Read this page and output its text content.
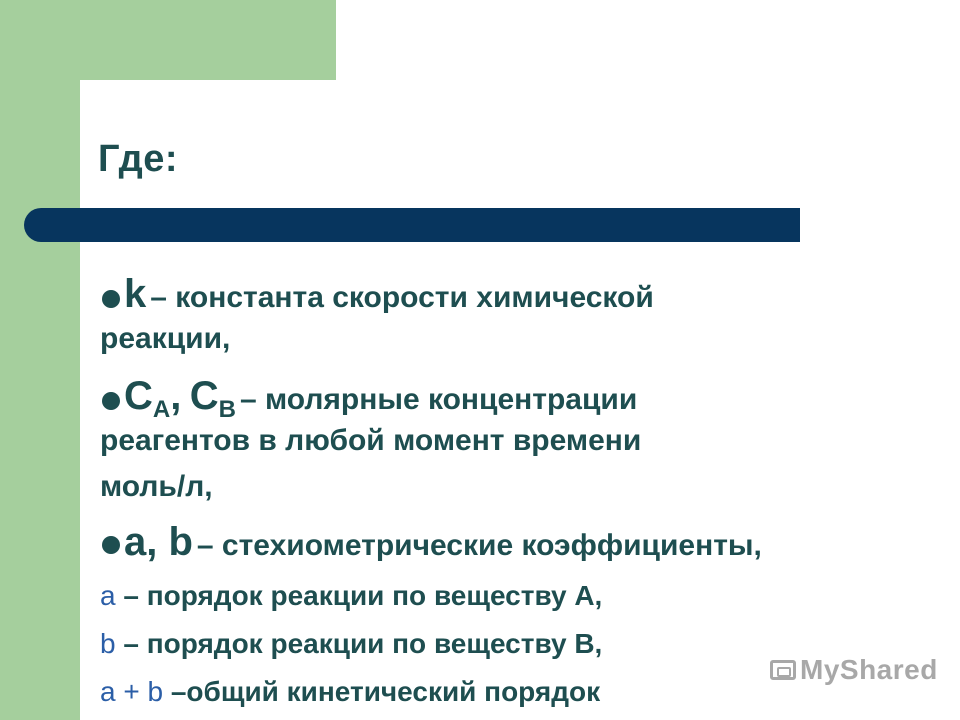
Где:
k – константа скорости химической
реакции,
$C_A$, $C_B$ – молярные концентрации
реагентов в любой момент времени
моль/л,
a, b – стехиометрические коэффициенты,
a – порядок реакции по веществу A,
b – порядок реакции по веществу B,
a + b –общий кинетический порядок
MyShared
